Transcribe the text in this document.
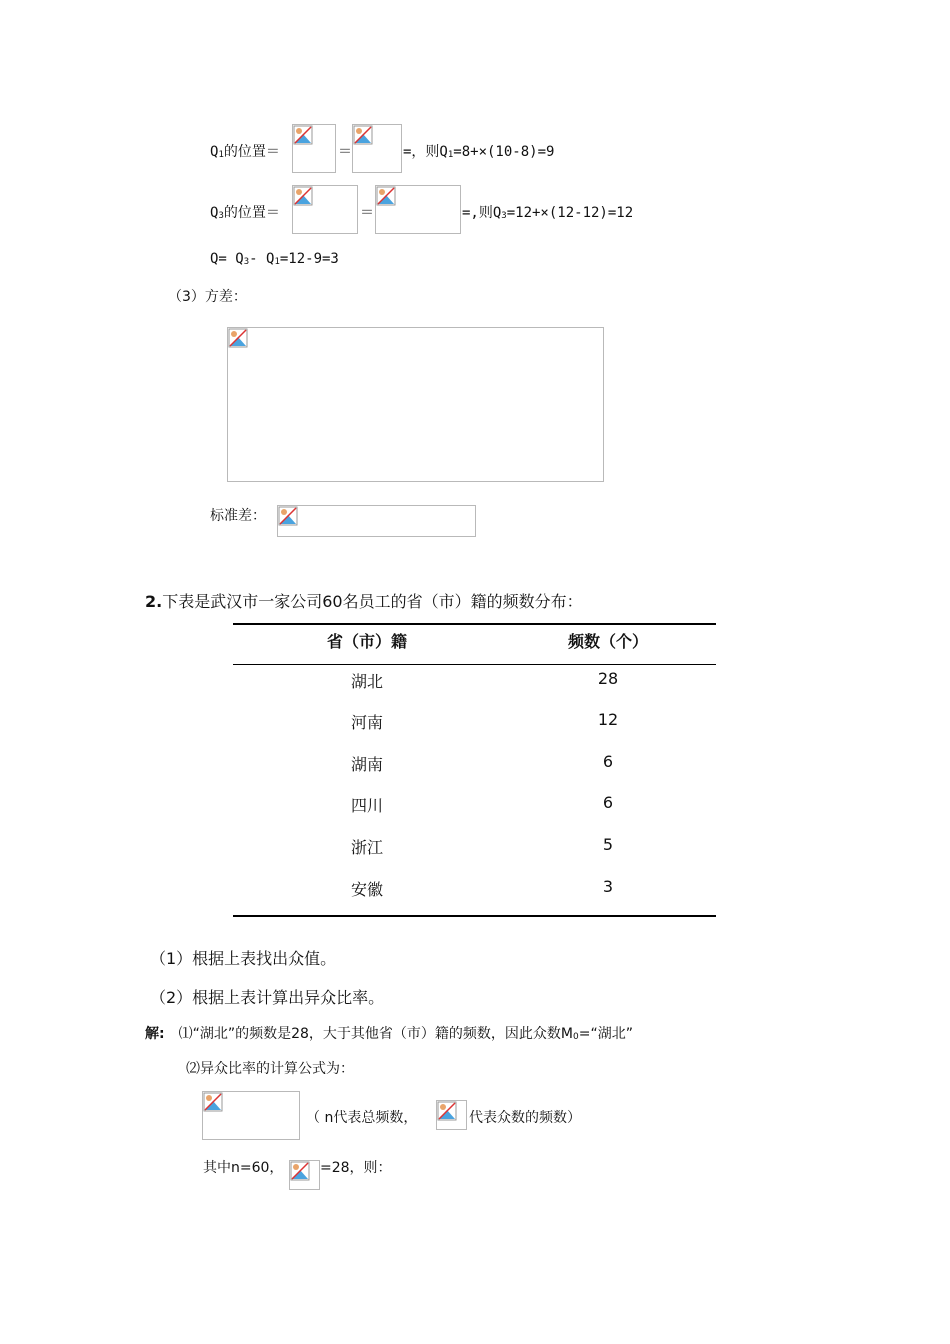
$Q_1$的位置＝	＝	=，则$Q_1=8+\times(10-8)=9$
$Q_3$的位置＝	＝	=,则$Q_3=12+\times(12-12)=12$
$Q= Q_3-$ $Q_1=12-9=3$
（3）方差：
标准差：
2.下表是武汉市一家公司60名员工的省（市）籍的频数分布：
省（市）籍	频数（个）
湖北	28
河南	12
湖南	6
四川	6
浙江	5
安徽	3
（1）根据上表找出众值。
（2）根据上表计算出异众比率。
解: ⑴“湖北”的频数是28，大于其他省（市）籍的频数，因此众数$M_0=“$湖北”
⑵异众比率的计算公式为：
（ n代表总频数，	代表众数的频数）
其中n=60，	=28，则：
